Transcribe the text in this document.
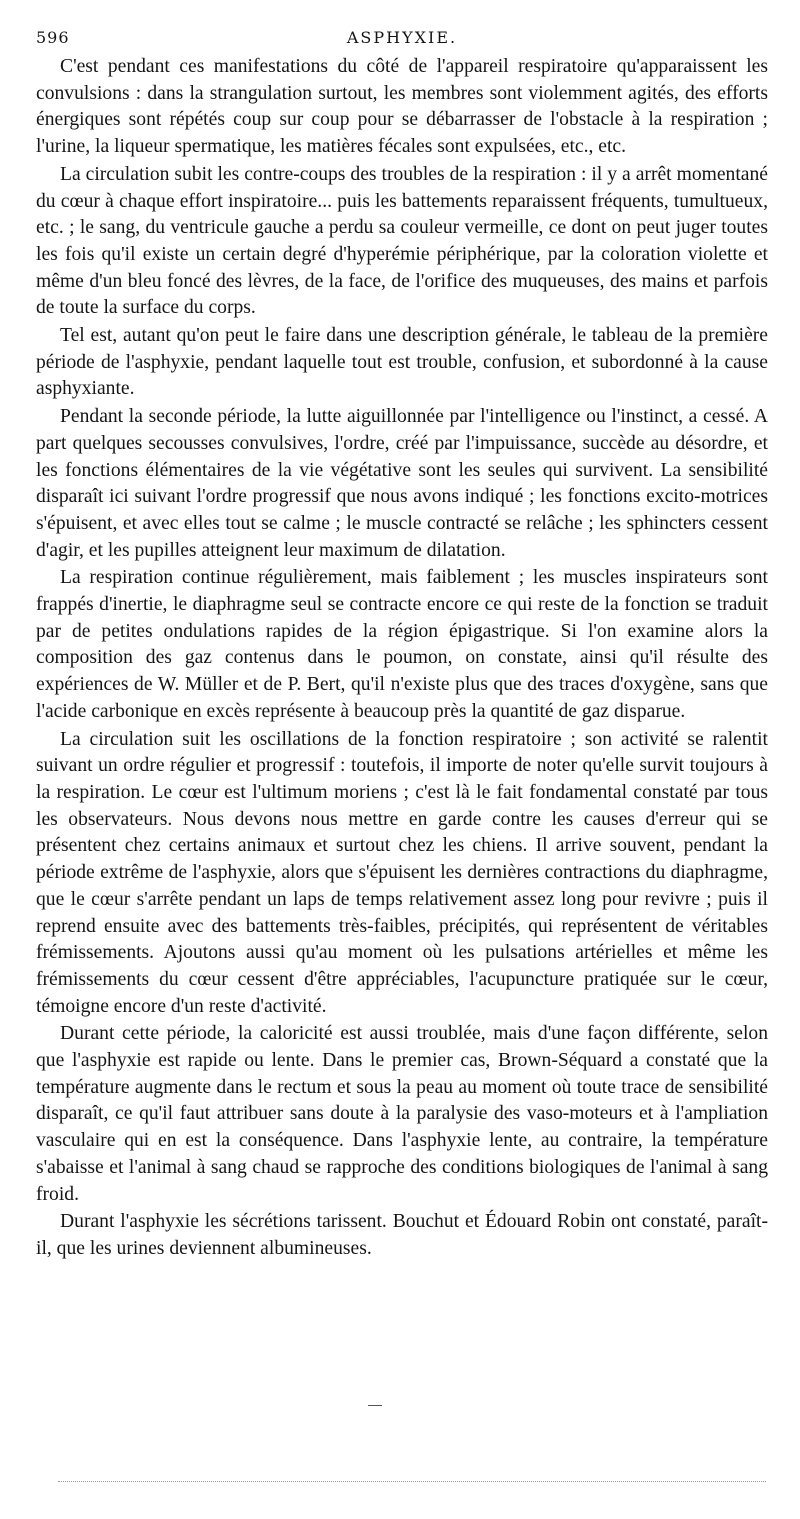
596	ASPHYXIE.

C'est pendant ces manifestations du côté de l'appareil respiratoire qu'apparaissent les convulsions : dans la strangulation surtout, les membres sont violemment agités, des efforts énergiques sont répétés coup sur coup pour se débarrasser de l'obstacle à la respiration ; l'urine, la liqueur spermatique, les matières fécales sont expulsées, etc., etc.

La circulation subit les contre-coups des troubles de la respiration : il y a arrêt momentané du cœur à chaque effort inspiratoire... puis les battements reparaissent fréquents, tumultueux, etc. ; le sang, du ventricule gauche a perdu sa couleur vermeille, ce dont on peut juger toutes les fois qu'il existe un certain degré d'hyperémie périphérique, par la coloration violette et même d'un bleu foncé des lèvres, de la face, de l'orifice des muqueuses, des mains et parfois de toute la surface du corps.

Tel est, autant qu'on peut le faire dans une description générale, le tableau de la première période de l'asphyxie, pendant laquelle tout est trouble, confusion, et subordonné à la cause asphyxiante.

Pendant la seconde période, la lutte aiguillonnée par l'intelligence ou l'instinct, a cessé. A part quelques secousses convulsives, l'ordre, créé par l'impuissance, succède au désordre, et les fonctions élémentaires de la vie végétative sont les seules qui survivent. La sensibilité disparaît ici suivant l'ordre progressif que nous avons indiqué ; les fonctions excito-motrices s'épuisent, et avec elles tout se calme ; le muscle contracté se relâche ; les sphincters cessent d'agir, et les pupilles atteignent leur maximum de dilatation.

La respiration continue régulièrement, mais faiblement ; les muscles inspirateurs sont frappés d'inertie, le diaphragme seul se contracte encore ce qui reste de la fonction se traduit par de petites ondulations rapides de la région épigastrique. Si l'on examine alors la composition des gaz contenus dans le poumon, on constate, ainsi qu'il résulte des expériences de W. Müller et de P. Bert, qu'il n'existe plus que des traces d'oxygène, sans que l'acide carbonique en excès représente à beaucoup près la quantité de gaz disparue.

La circulation suit les oscillations de la fonction respiratoire ; son activité se ralentit suivant un ordre régulier et progressif : toutefois, il importe de noter qu'elle survit toujours à la respiration. Le cœur est l'ultimum moriens ; c'est là le fait fondamental constaté par tous les observateurs. Nous devons nous mettre en garde contre les causes d'erreur qui se présentent chez certains animaux et surtout chez les chiens. Il arrive souvent, pendant la période extrême de l'asphyxie, alors que s'épuisent les dernières contractions du diaphragme, que le cœur s'arrête pendant un laps de temps relativement assez long pour revivre ; puis il reprend ensuite avec des battements très-faibles, précipités, qui représentent de véritables frémissements. Ajoutons aussi qu'au moment où les pulsations artérielles et même les frémissements du cœur cessent d'être appréciables, l'acupuncture pratiquée sur le cœur, témoigne encore d'un reste d'activité.

Durant cette période, la caloricité est aussi troublée, mais d'une façon différente, selon que l'asphyxie est rapide ou lente. Dans le premier cas, Brown-Séquard a constaté que la température augmente dans le rectum et sous la peau au moment où toute trace de sensibilité disparaît, ce qu'il faut attribuer sans doute à la paralysie des vaso-moteurs et à l'ampliation vasculaire qui en est la conséquence. Dans l'asphyxie lente, au contraire, la température s'abaisse et l'animal à sang chaud se rapproche des conditions biologiques de l'animal à sang froid.

Durant l'asphyxie les sécrétions tarissent. Bouchut et Édouard Robin ont constaté, paraît-il, que les urines deviennent albumineuses.
